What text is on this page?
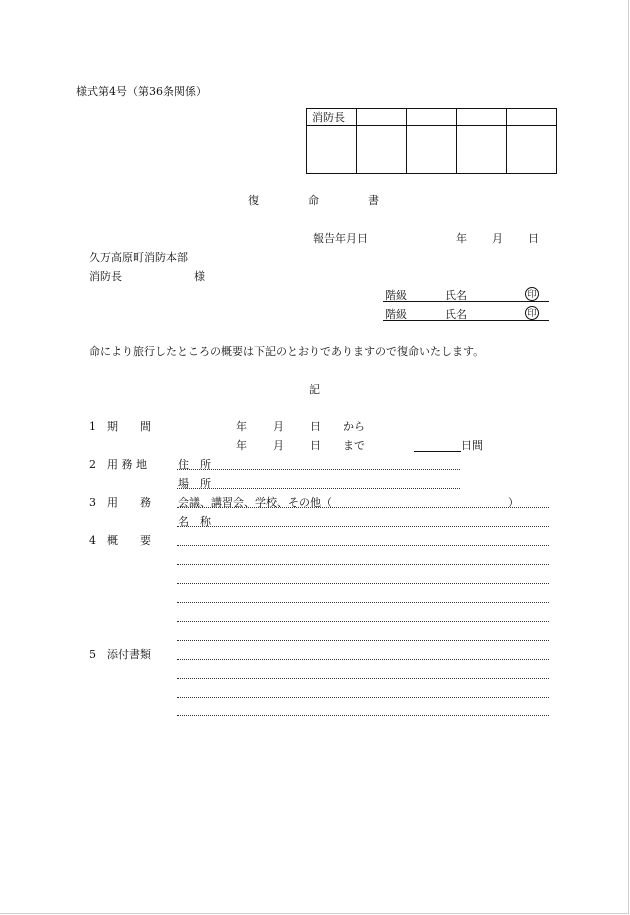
様式第4号（第36条関係）
消防長				

復	命	書
報告年月日	年 月 日
久万高原町消防本部
消防長	様
階級	氏名	印
階級	氏名	印
命により旅行したところの概要は下記のとおりでありますので復命いたします。
記
1 期　　間	年 月 日 から
年 月 日 まで	日間
2 用 務 地	住　所
場　所
3 用　　務 会議、講習会、学校、その他（	）
名　称
4 概　　要
5 添付書類
